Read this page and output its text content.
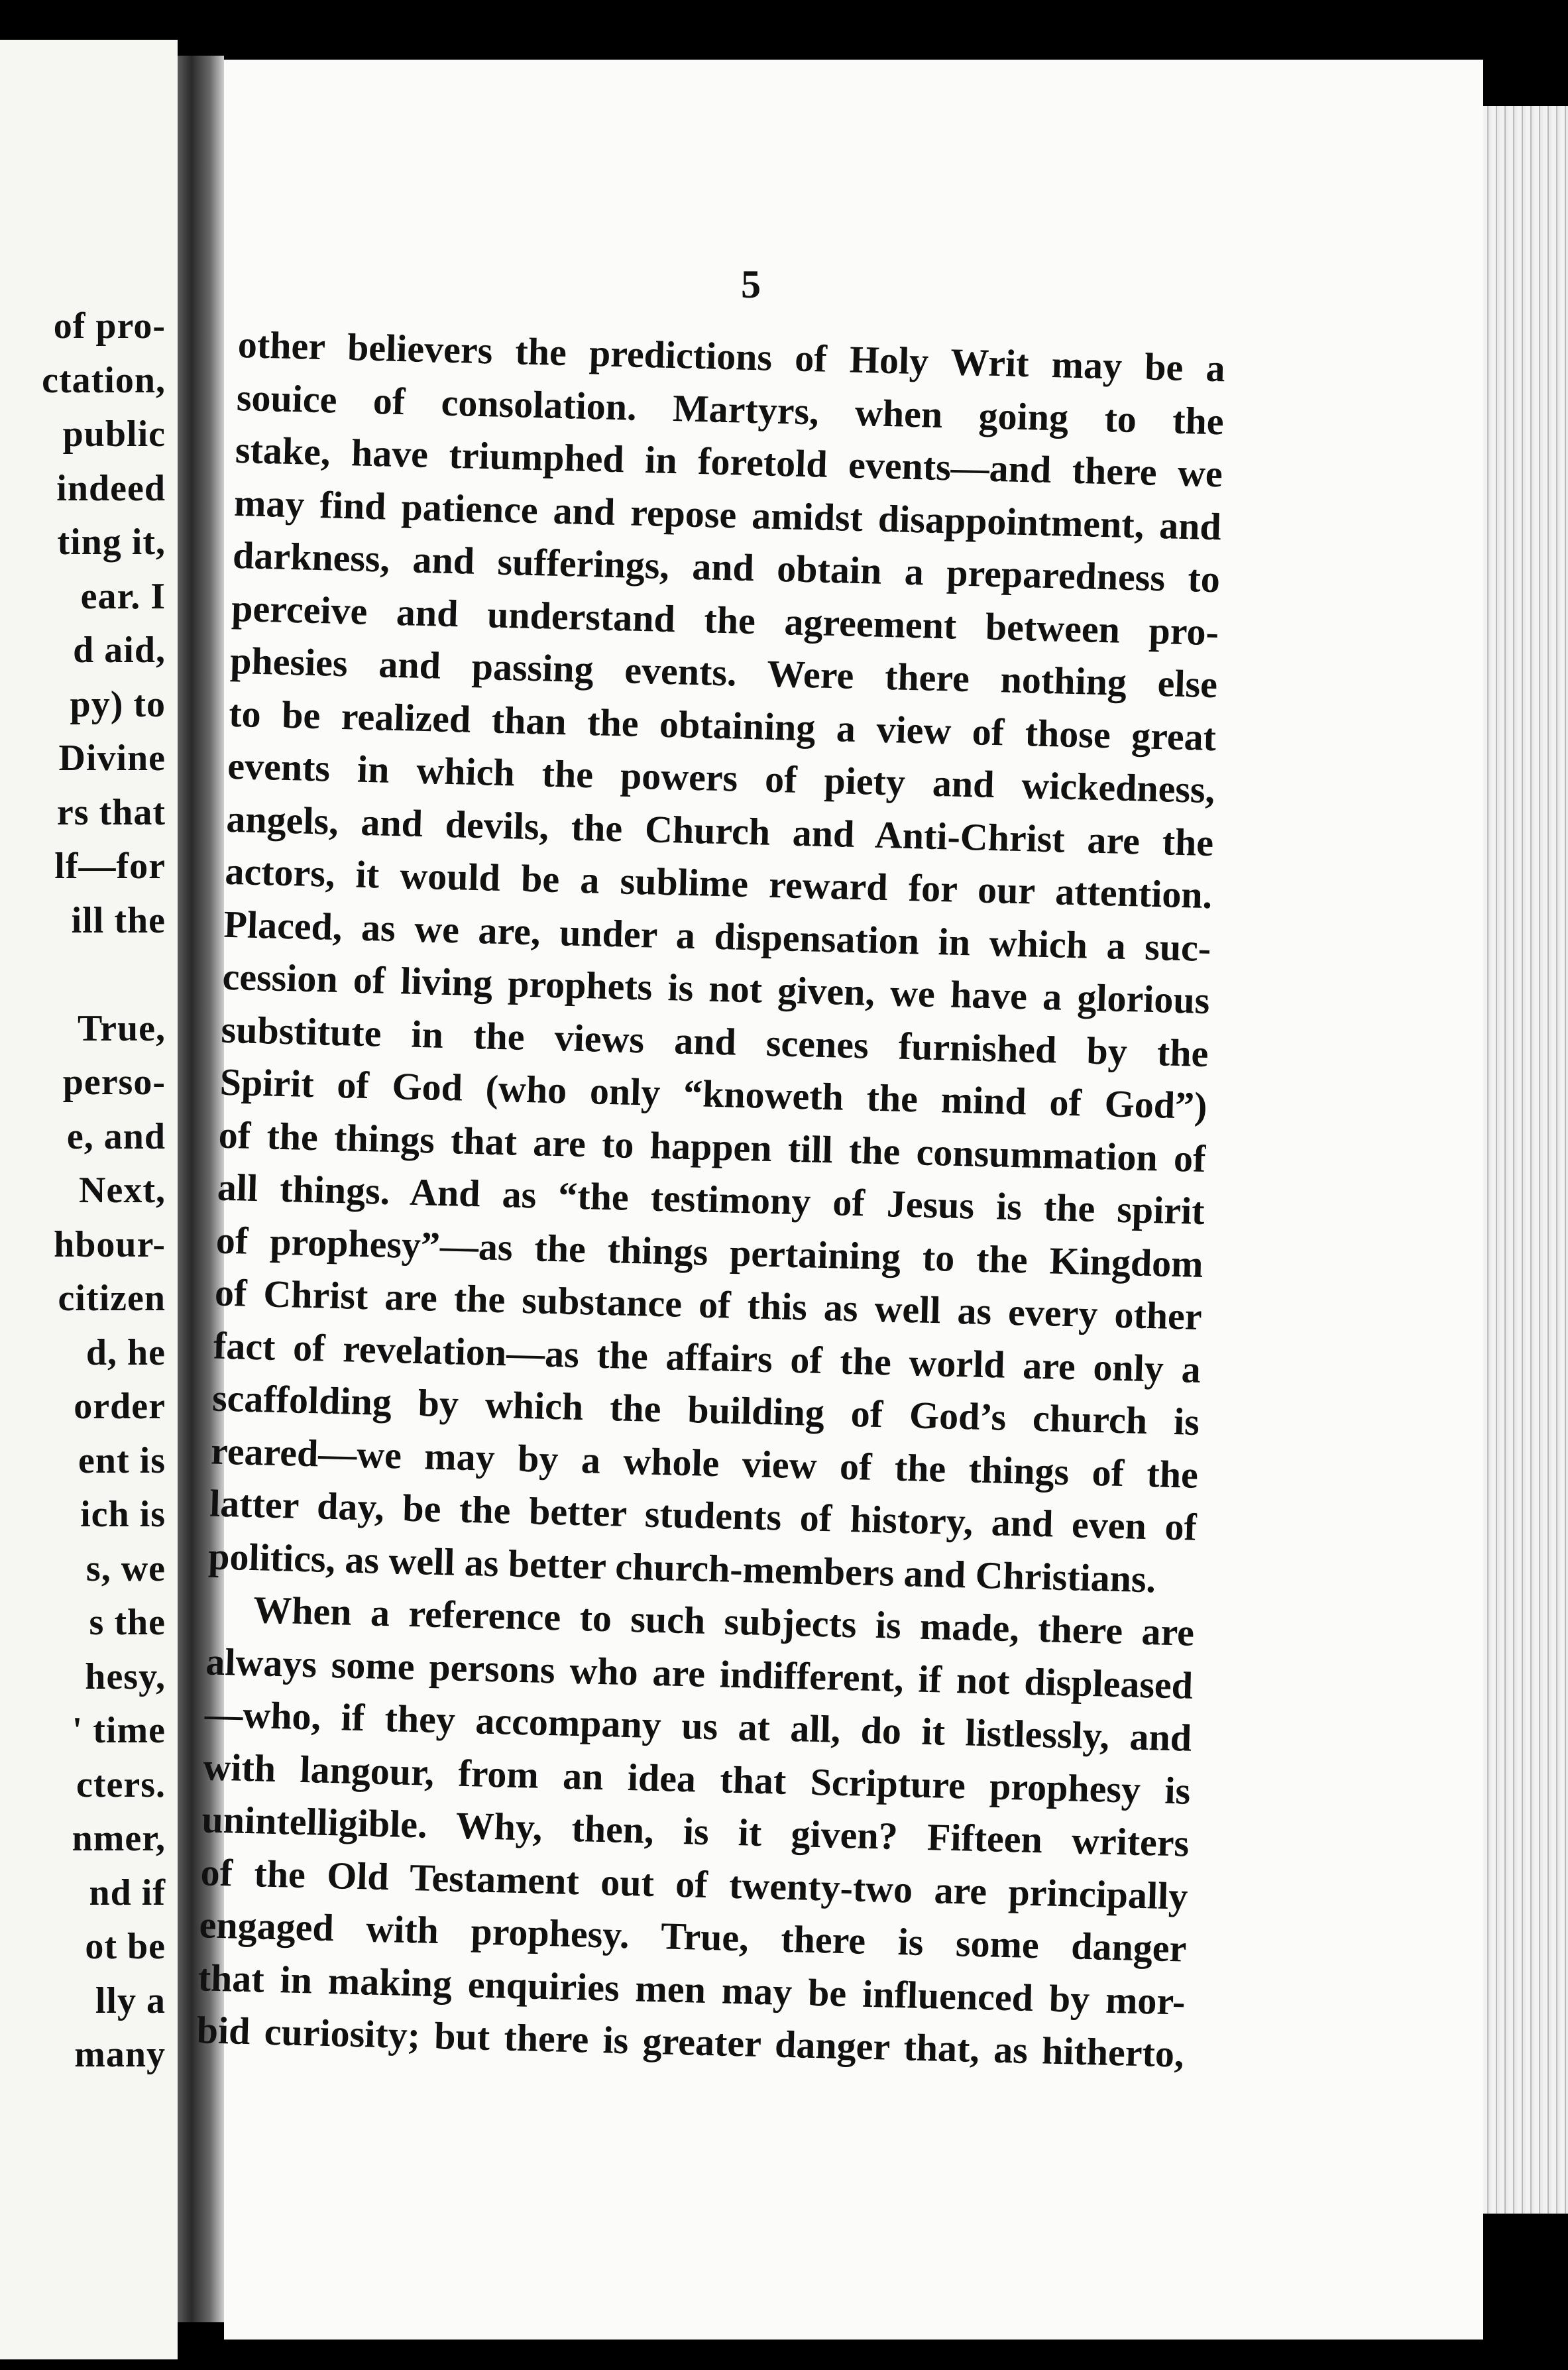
of pro-
ctation,
public
indeed
ting it,
ear. I
d aid,
py) to
Divine
rs that
lf—for
ill the
True,
perso-
e, and
Next,
hbour-
citizen
d, he
order
ent is
ich is
s, we
s the
hesy,
' time
cters.
nmer,
nd if
ot be
lly a
many
5
other believers the predictions of Holy Writ may be a
souice of consolation. Martyrs, when going to the
stake, have triumphed in foretold events—and there we
may find patience and repose amidst disappointment, and
darkness, and sufferings, and obtain a preparedness to
perceive and understand the agreement between pro-
phesies and passing events. Were there nothing else
to be realized than the obtaining a view of those great
events in which the powers of piety and wickedness,
angels, and devils, the Church and Anti-Christ are the
actors, it would be a sublime reward for our attention.
Placed, as we are, under a dispensation in which a suc-
cession of living prophets is not given, we have a glorious
substitute in the views and scenes furnished by the
Spirit of God (who only “knoweth the mind of God”)
of the things that are to happen till the consummation of
all things. And as “the testimony of Jesus is the spirit
of prophesy”—as the things pertaining to the Kingdom
of Christ are the substance of this as well as every other
fact of revelation—as the affairs of the world are only a
scaffolding by which the building of God’s church is
reared—we may by a whole view of the things of the
latter day, be the better students of history, and even of
politics, as well as better church-members and Christians.
When a reference to such subjects is made, there are
always some persons who are indifferent, if not displeased
—who, if they accompany us at all, do it listlessly, and
with langour, from an idea that Scripture prophesy is
unintelligible. Why, then, is it given? Fifteen writers
of the Old Testament out of twenty-two are principally
engaged with prophesy. True, there is some danger
that in making enquiries men may be influenced by mor-
bid curiosity; but there is greater danger that, as hitherto,
